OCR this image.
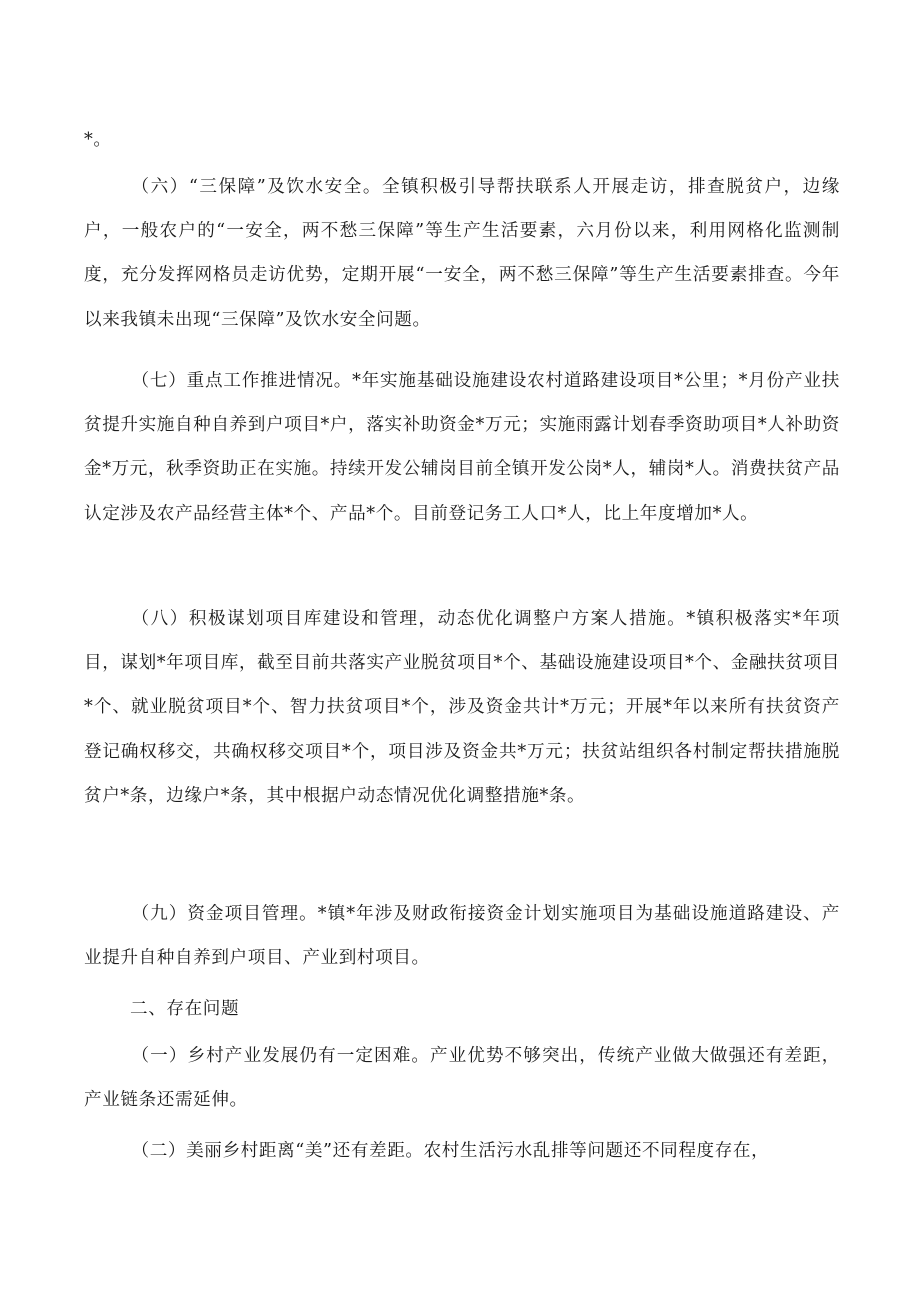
*。

（六）“三保障”及饮水安全。全镇积极引导帮扶联系人开展走访，排查脱贫户，边缘户，一般农户的“一安全，两不愁三保障”等生产生活要素，六月份以来，利用网格化监测制度，充分发挥网格员走访优势，定期开展“一安全，两不愁三保障”等生产生活要素排查。今年以来我镇未出现“三保障”及饮水安全问题。

（七）重点工作推进情况。*年实施基础设施建设农村道路建设项目*公里；*月份产业扶贫提升实施自种自养到户项目*户，落实补助资金*万元；实施雨露计划春季资助项目*人补助资金*万元，秋季资助正在实施。持续开发公辅岗目前全镇开发公岗*人，辅岗*人。消费扶贫产品认定涉及农产品经营主体*个、产品*个。目前登记务工人口*人，比上年度增加*人。

（八）积极谋划项目库建设和管理，动态优化调整户方案人措施。*镇积极落实*年项目，谋划*年项目库，截至目前共落实产业脱贫项目*个、基础设施建设项目*个、金融扶贫项目*个、就业脱贫项目*个、智力扶贫项目*个，涉及资金共计*万元；开展*年以来所有扶贫资产登记确权移交，共确权移交项目*个，项目涉及资金共*万元；扶贫站组织各村制定帮扶措施脱贫户*条，边缘户*条，其中根据户动态情况优化调整措施*条。

（九）资金项目管理。*镇*年涉及财政衔接资金计划实施项目为基础设施道路建设、产业提升自种自养到户项目、产业到村项目。

二、存在问题

（一）乡村产业发展仍有一定困难。产业优势不够突出，传统产业做大做强还有差距，产业链条还需延伸。

（二）美丽乡村距离“美”还有差距。农村生活污水乱排等问题还不同程度存在，
